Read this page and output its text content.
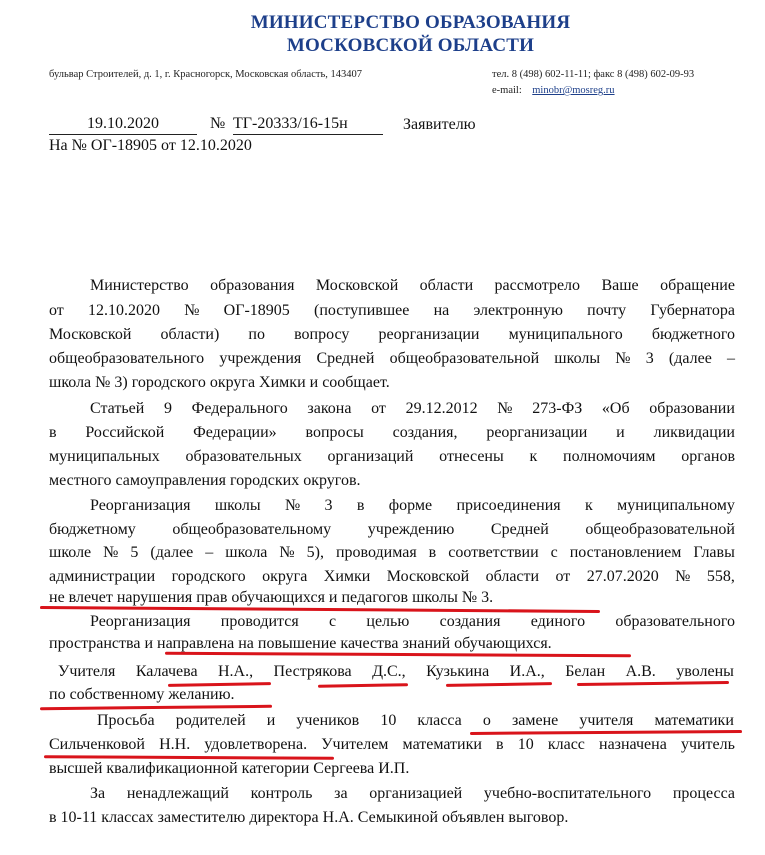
МИНИСТЕРСТВО ОБРАЗОВАНИЯ
МОСКОВСКОЙ ОБЛАСТИ
бульвар Строителей, д. 1, г. Красногорск, Московская область, 143407	тел. 8 (498) 602-11-11; факс 8 (498) 602-09-93
e-mail: minobr@mosreg.ru
19.10.2020	№ ТГ-20333/16-15н	Заявителю
На № ОГ-18905 от 12.10.2020
Министерство образования Московской области рассмотрело Ваше обращение
от 12.10.2020 № ОГ-18905 (поступившее на электронную почту Губернатора
Московской области) по вопросу реорганизации муниципального бюджетного
общеобразовательного учреждения Средней общеобразовательной школы № 3 (далее –
школа № 3) городского округа Химки и сообщает.
Статьей 9 Федерального закона от 29.12.2012 № 273-ФЗ «Об образовании
в Российской Федерации» вопросы создания, реорганизации и ликвидации
муниципальных образовательных организаций отнесены к полномочиям органов
местного самоуправления городских округов.
Реорганизация школы № 3 в форме присоединения к муниципальному
бюджетному общеобразовательному учреждению Средней общеобразовательной
школе № 5 (далее – школа № 5), проводимая в соответствии с постановлением Главы
администрации городского округа Химки Московской области от 27.07.2020 № 558,
не влечет нарушения прав обучающихся и педагогов школы № 3.
Реорганизация проводится с целью создания единого образовательного
пространства и направлена на повышение качества знаний обучающихся.
Учителя Калачева Н.А., Пестрякова Д.С., Кузькина И.А., Белан А.В. уволены
по собственному желанию.
Просьба родителей и учеников 10 класса о замене учителя математики
Сильченковой Н.Н. удовлетворена. Учителем математики в 10 класс назначена учитель
высшей квалификационной категории Сергеева И.П.
За ненадлежащий контроль за организацией учебно-воспитательного процесса
в 10-11 классах заместителю директора Н.А. Семыкиной объявлен выговор.
